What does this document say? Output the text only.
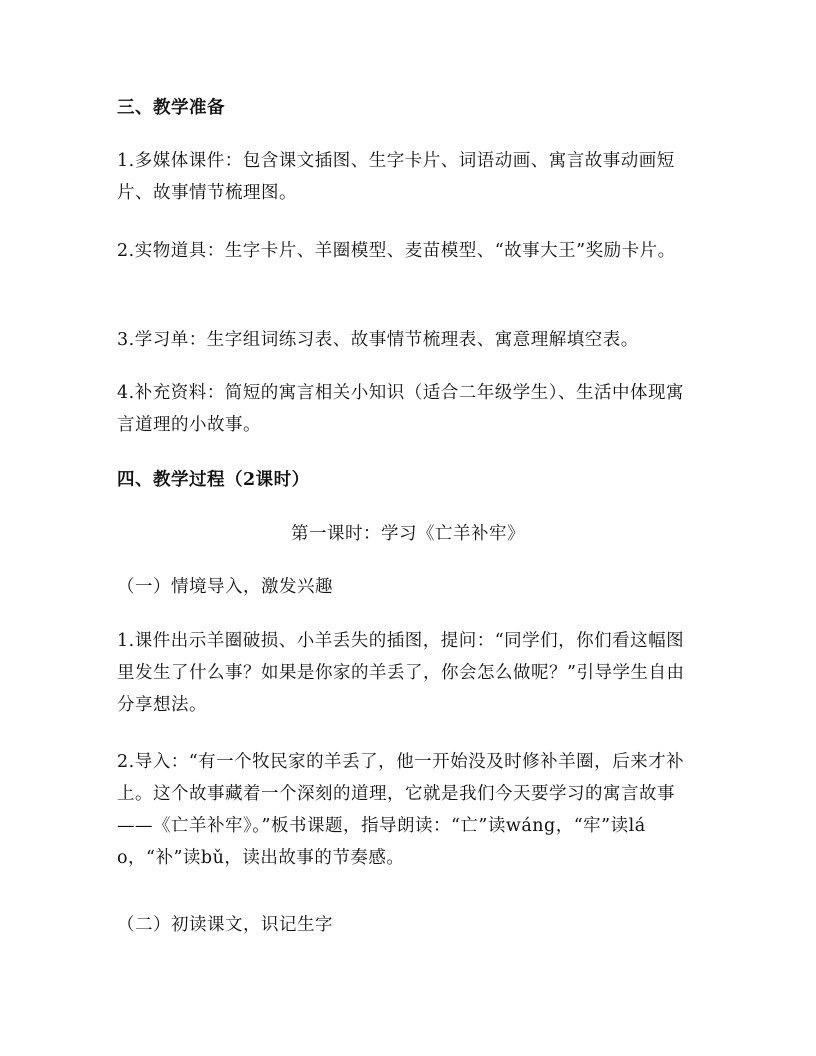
三、教学准备
1.多媒体课件：包含课文插图、生字卡片、词语动画、寓言故事动画短片、故事情节梳理图。
2.实物道具：生字卡片、羊圈模型、麦苗模型、“故事大王”奖励卡片。
3.学习单：生字组词练习表、故事情节梳理表、寓意理解填空表。
4.补充资料：简短的寓言相关小知识（适合二年级学生）、生活中体现寓言道理的小故事。
四、教学过程（2课时）
第一课时：学习《亡羊补牢》
（一）情境导入，激发兴趣
1.课件出示羊圈破损、小羊丢失的插图，提问：“同学们，你们看这幅图里发生了什么事？如果是你家的羊丢了，你会怎么做呢？”引导学生自由分享想法。
2.导入：“有一个牧民家的羊丢了，他一开始没及时修补羊圈，后来才补上。这个故事藏着一个深刻的道理，它就是我们今天要学习的寓言故事——《亡羊补牢》。”板书课题，指导朗读：“亡”读wáng，“牢”读láo，“补”读bǔ，读出故事的节奏感。
（二）初读课文，识记生字
